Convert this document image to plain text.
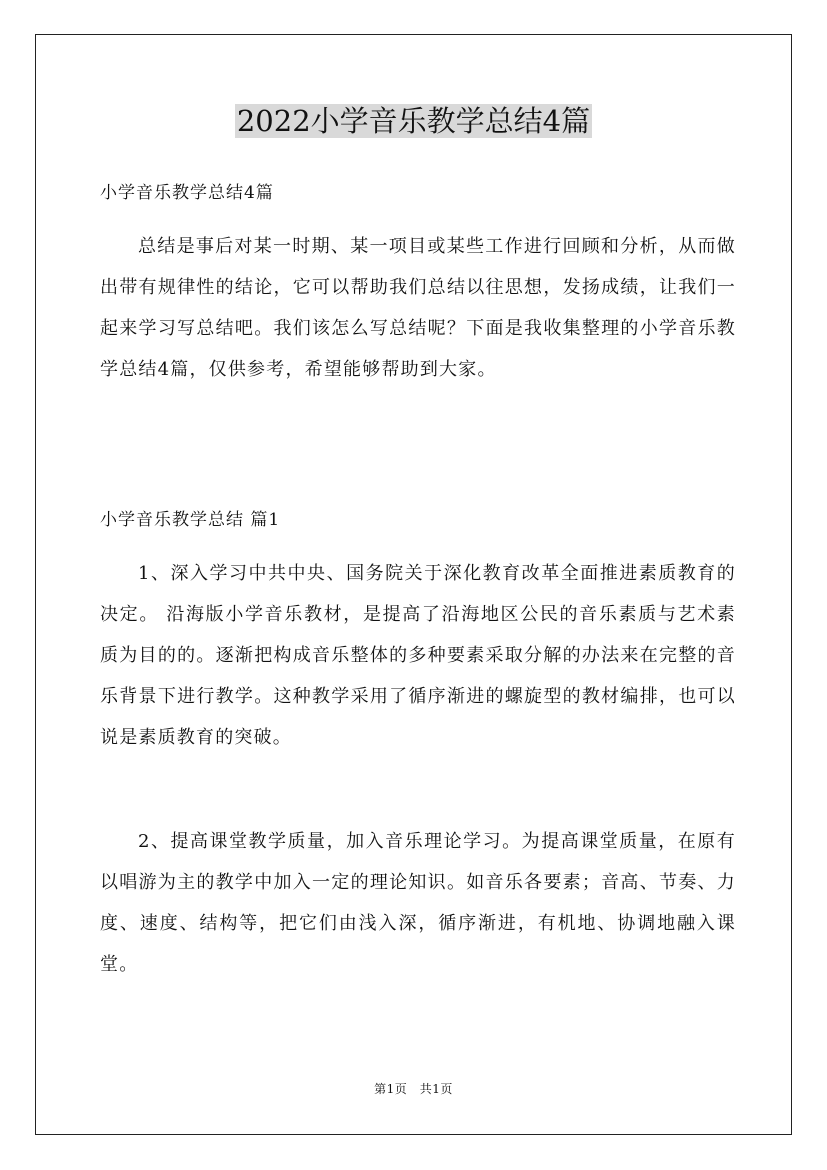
2022小学音乐教学总结4篇

小学音乐教学总结4篇

总结是事后对某一时期、某一项目或某些工作进行回顾和分析，从而做出带有规律性的结论，它可以帮助我们总结以往思想，发扬成绩，让我们一起来学习写总结吧。我们该怎么写总结呢？下面是我收集整理的小学音乐教学总结4篇，仅供参考，希望能够帮助到大家。

小学音乐教学总结 篇1

1、深入学习中共中央、国务院关于深化教育改革全面推进素质教育的决定。 沿海版小学音乐教材，是提高了沿海地区公民的音乐素质与艺术素质为目的的。逐渐把构成音乐整体的多种要素采取分解的办法来在完整的音乐背景下进行教学。这种教学采用了循序渐进的螺旋型的教材编排，也可以说是素质教育的突破。

2、提高课堂教学质量，加入音乐理论学习。为提高课堂质量，在原有以唱游为主的教学中加入一定的理论知识。如音乐各要素；音高、节奏、力度、速度、结构等，把它们由浅入深，循序渐进，有机地、协调地融入课堂。

第1页　共1页
